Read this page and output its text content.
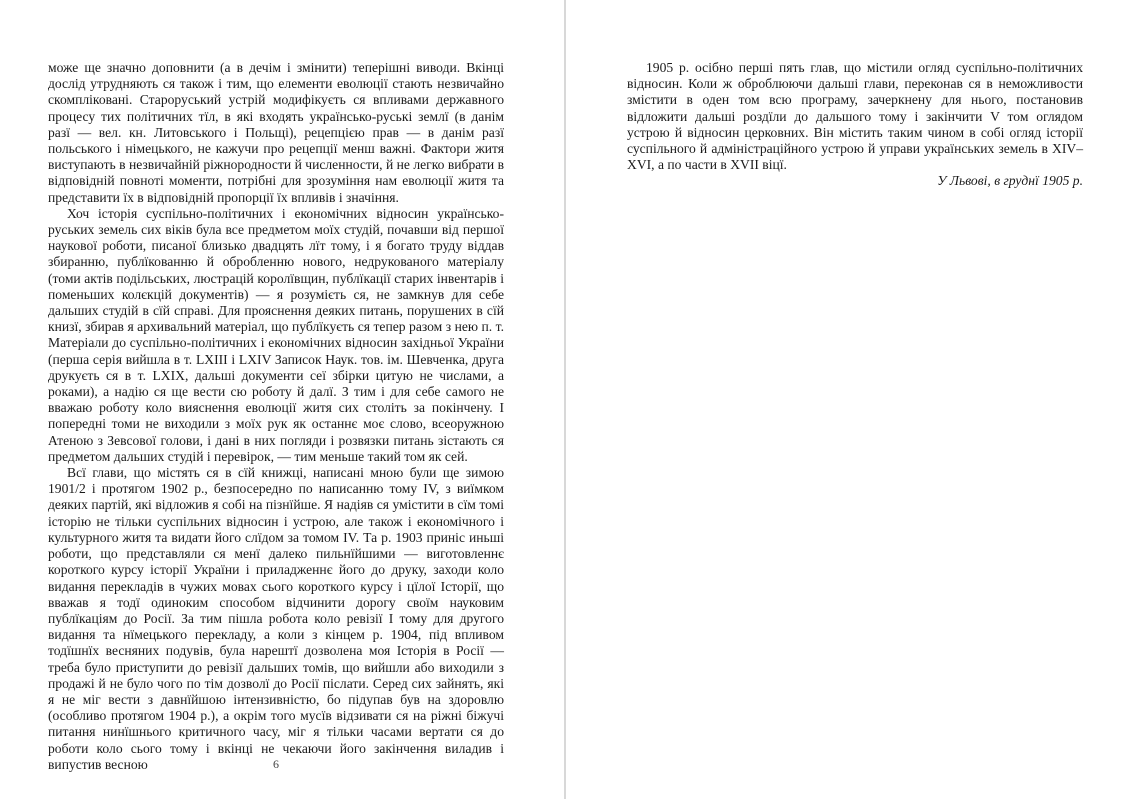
може ще значно доповнити (а в дечім і змінити) теперішні виводи. Вкінці дослід утрудняють ся також і тим, що елементи еволюції стають незвичайно скомпліковані. Староруський устрій модифікуєть ся впливами державного процесу тих політичних тїл, в які входять українсько-руські землї (в данім разї — вел. кн. Литовського і Польщі), рецепцією прав — в данім разї польського і німецького, не кажучи про рецепції менш важні. Фактори житя виступають в незвичайній ріжнородности й численности, й не легко вибрати в відповідній повноті моменти, потрібні для зрозуміння нам еволюції житя та представити їх в відповідній пропорції їх впливів і значіння.

Хоч історія суспільно-політичних і економічних відносин українсько-руських земель сих віків була все предметом моїх студій, почавши від першої наукової роботи, писаної близько двадцять лїт тому, і я богато труду віддав збиранню, публїкованню й обробленню нового, недрукованого матеріалу (томи актів подільських, люстрацій королївщин, публїкації старих інвентарів і поменьших колєкцій документів) — я розумієть ся, не замкнув для себе дальших студій в сїй справі. Для прояснення деяких питань, порушених в сїй книзї, збирав я архивальний матеріал, що публїкуєть ся тепер разом з нею п. т. Матеріали до суспільно-політичних і економічних відносин західньої України (перша серія вийшла в т. LXIII і LXIV Записок Наук. тов. ім. Шевченка, друга друкуєть ся в т. LXIX, дальші документи сеї збірки цитую не числами, а роками), а надію ся ще вести сю роботу й далї. З тим і для себе самого не вважаю роботу коло вияснення еволюції житя сих століть за покінчену. І попередні томи не виходили з моїх рук як останнє моє слово, всеоружною Атеною з Зевсової голови, і дані в них погляди і розвязки питань зістають ся предметом дальших студій і перевірок, — тим меньше такий том як сей.

Всї глави, що містять ся в сїй книжці, написані мною були ще зимою 1901/2 і протягом 1902 р., безпосередно по написанню тому IV, з виїмком деяких партій, які відложив я собі на пізнїйше. Я надіяв ся умістити в сїм томі історію не тільки суспільних відносин і устрою, але також і економічного і культурного житя та видати його слїдом за томом IV. Та р. 1903 приніс иньші роботи, що представляли ся менї далеко пильнїйшими — виготовленнє короткого курсу історії України і приладженнє його до друку, заходи коло видання перекладів в чужих мовах сього короткого курсу і цїлої Історії, що вважав я тодї одиноким способом відчинити дорогу своїм науковим публїкаціям до Росії. За тим пішла робота коло ревізії I тому для другого видання та нїмецького перекладу, а коли з кінцем р. 1904, під впливом тодїшнїх весняних подувів, була нарештї дозволена моя Історія в Росії — треба було приступити до ревізії дальших томів, що вийшли або виходили з продажі й не було чого по тім дозволї до Росії післати. Серед сих зайнять, які я не міг вести з давнїйшою інтензивністю, бо підупав був на здоровлю (особливо протягом 1904 р.), а окрім того мусїв відзивати ся на ріжні біжучі питання нинїшнього критичного часу, міг я тільки часами вертати ся до роботи коло сього тому і вкінці не чекаючи його закінчення виладив і випустив весною	6

1905 р. осібно перші пять глав, що містили огляд суспільно-політичних відносин. Коли ж оброблюючи дальші глави, переконав ся в неможливости змістити в оден том всю програму, зачеркнену для нього, постановив відложити дальші роздїли до дальшого тому і закінчити V том оглядом устрою й відносин церковних. Він містить таким чином в собі огляд історії суспільного й адміністраційного устрою й управи українських земель в XIV–XVI, а по части в XVII віцї.

У Львові, в груднї 1905 р.
